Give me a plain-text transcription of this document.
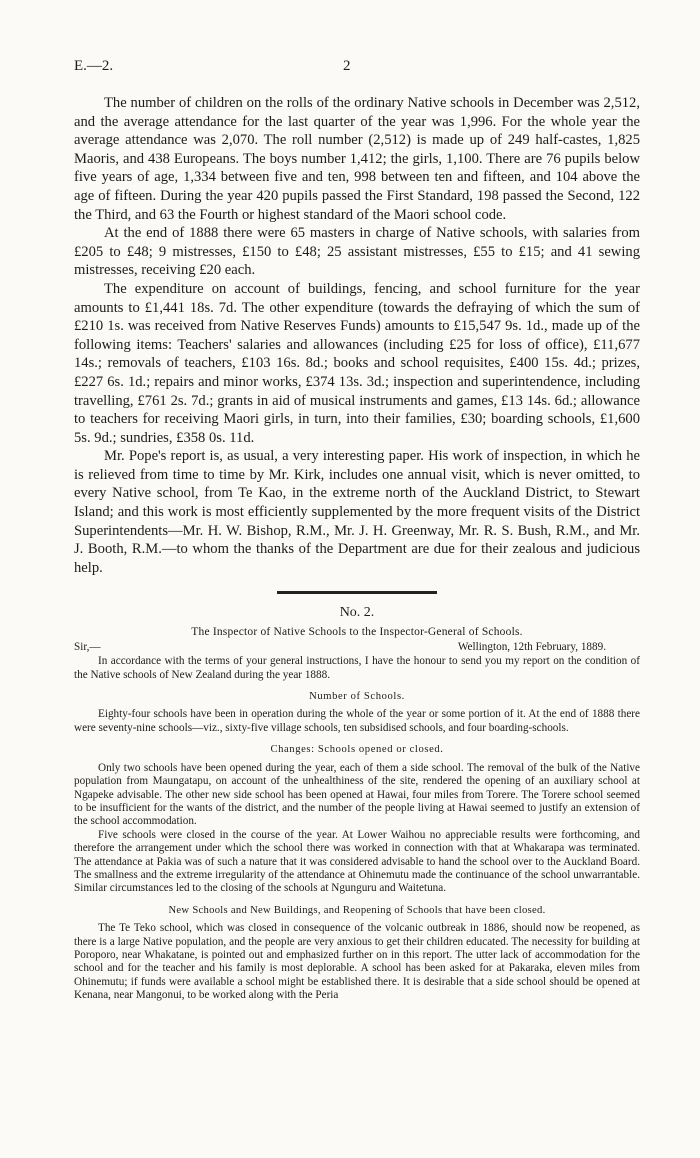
E.—2.	2

The number of children on the rolls of the ordinary Native schools in December was 2,512, and the average attendance for the last quarter of the year was 1,996. For the whole year the average attendance was 2,070. The roll number (2,512) is made up of 249 half-castes, 1,825 Maoris, and 438 Europeans. The boys number 1,412; the girls, 1,100. There are 76 pupils below five years of age, 1,334 between five and ten, 998 between ten and fifteen, and 104 above the age of fifteen. During the year 420 pupils passed the First Standard, 198 passed the Second, 122 the Third, and 63 the Fourth or highest standard of the Maori school code.

At the end of 1888 there were 65 masters in charge of Native schools, with salaries from £205 to £48; 9 mistresses, £150 to £48; 25 assistant mistresses, £55 to £15; and 41 sewing mistresses, receiving £20 each.

The expenditure on account of buildings, fencing, and school furniture for the year amounts to £1,441 18s. 7d. The other expenditure (towards the defraying of which the sum of £210 1s. was received from Native Reserves Funds) amounts to £15,547 9s. 1d., made up of the following items: Teachers' salaries and allowances (including £25 for loss of office), £11,677 14s.; removals of teachers, £103 16s. 8d.; books and school requisites, £400 15s. 4d.; prizes, £227 6s. 1d.; repairs and minor works, £374 13s. 3d.; inspection and superintendence, including travelling, £761 2s. 7d.; grants in aid of musical instruments and games, £13 14s. 6d.; allowance to teachers for receiving Maori girls, in turn, into their families, £30; boarding schools, £1,600 5s. 9d.; sundries, £358 0s. 11d.

Mr. Pope's report is, as usual, a very interesting paper. His work of inspection, in which he is relieved from time to time by Mr. Kirk, includes one annual visit, which is never omitted, to every Native school, from Te Kao, in the extreme north of the Auckland District, to Stewart Island; and this work is most efficiently supplemented by the more frequent visits of the District Superintendents—Mr. H. W. Bishop, R.M., Mr. J. H. Greenway, Mr. R. S. Bush, R.M., and Mr. J. Booth, R.M.—to whom the thanks of the Department are due for their zealous and judicious help.

No. 2.
The Inspector of Native Schools to the Inspector-General of Schools.
Sir,—	Wellington, 12th February, 1889.

In accordance with the terms of your general instructions, I have the honour to send you my report on the condition of the Native schools of New Zealand during the year 1888.

Number of Schools.

Eighty-four schools have been in operation during the whole of the year or some portion of it. At the end of 1888 there were seventy-nine schools—viz., sixty-five village schools, ten subsidised schools, and four boarding-schools.

Changes: Schools opened or closed.

Only two schools have been opened during the year, each of them a side school. The removal of the bulk of the Native population from Maungatapu, on account of the unhealthiness of the site, rendered the opening of an auxiliary school at Ngapeke advisable. The other new side school has been opened at Hawai, four miles from Torere. The Torere school seemed to be insufficient for the wants of the district, and the number of the people living at Hawai seemed to justify an extension of the school accommodation.

Five schools were closed in the course of the year. At Lower Waihou no appreciable results were forthcoming, and therefore the arrangement under which the school there was worked in connection with that at Whakarapa was terminated. The attendance at Pakia was of such a nature that it was considered advisable to hand the school over to the Auckland Board. The smallness and the extreme irregularity of the attendance at Ohinemutu made the continuance of the school unwarrantable. Similar circumstances led to the closing of the schools at Ngunguru and Waitetuna.

New Schools and New Buildings, and Reopening of Schools that have been closed.

The Te Teko school, which was closed in consequence of the volcanic outbreak in 1886, should now be reopened, as there is a large Native population, and the people are very anxious to get their children educated. The necessity for building at Poroporo, near Whakatane, is pointed out and emphasized further on in this report. The utter lack of accommodation for the school and for the teacher and his family is most deplorable. A school has been asked for at Pakaraka, eleven miles from Ohinemutu; if funds were available a school might be established there. It is desirable that a side school should be opened at Kenana, near Mangonui, to be worked along with the Peria
